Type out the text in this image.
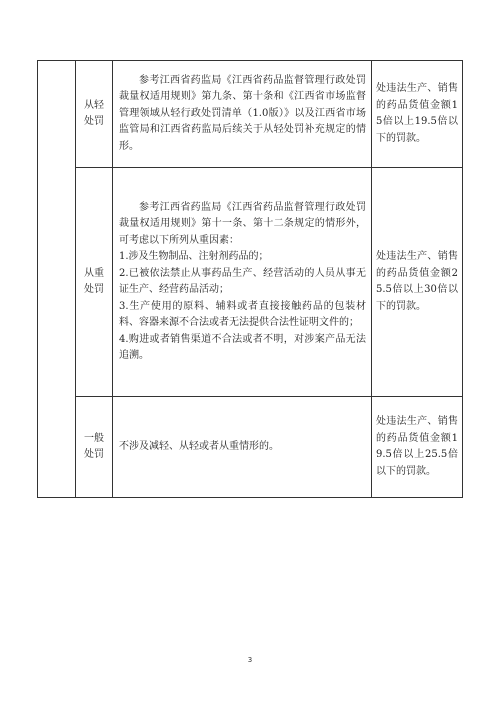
	从轻处罚	参考江西省药监局《江西省药品监督管理行政处罚裁量权适用规则》第九条、第十条和《江西省市场监督管理领域从轻行政处罚清单（1.0版）》以及江西省市场监管局和江西省药监局后续关于从轻处罚补充规定的情形。	处违法生产、销售的药品货值金额15倍以上19.5倍以下的罚款。
	从重处罚	参考江西省药监局《江西省药品监督管理行政处罚裁量权适用规则》第十一条、第十二条规定的情形外，可考虑以下所列从重因素：

1.涉及生物制品、注射剂药品的；

2.已被依法禁止从事药品生产、经营活动的人员从事无证生产、经营药品活动；

3.生产使用的原料、辅料或者直接接触药品的包装材料、容器来源不合法或者无法提供合法性证明文件的；

4.购进或者销售渠道不合法或者不明，对涉案产品无法追溯。	处违法生产、销售的药品货值金额25.5倍以上30倍以下的罚款。
	一般处罚	不涉及减轻、从轻或者从重情形的。	处违法生产、销售的药品货值金额19.5倍以上25.5倍以下的罚款。
3
